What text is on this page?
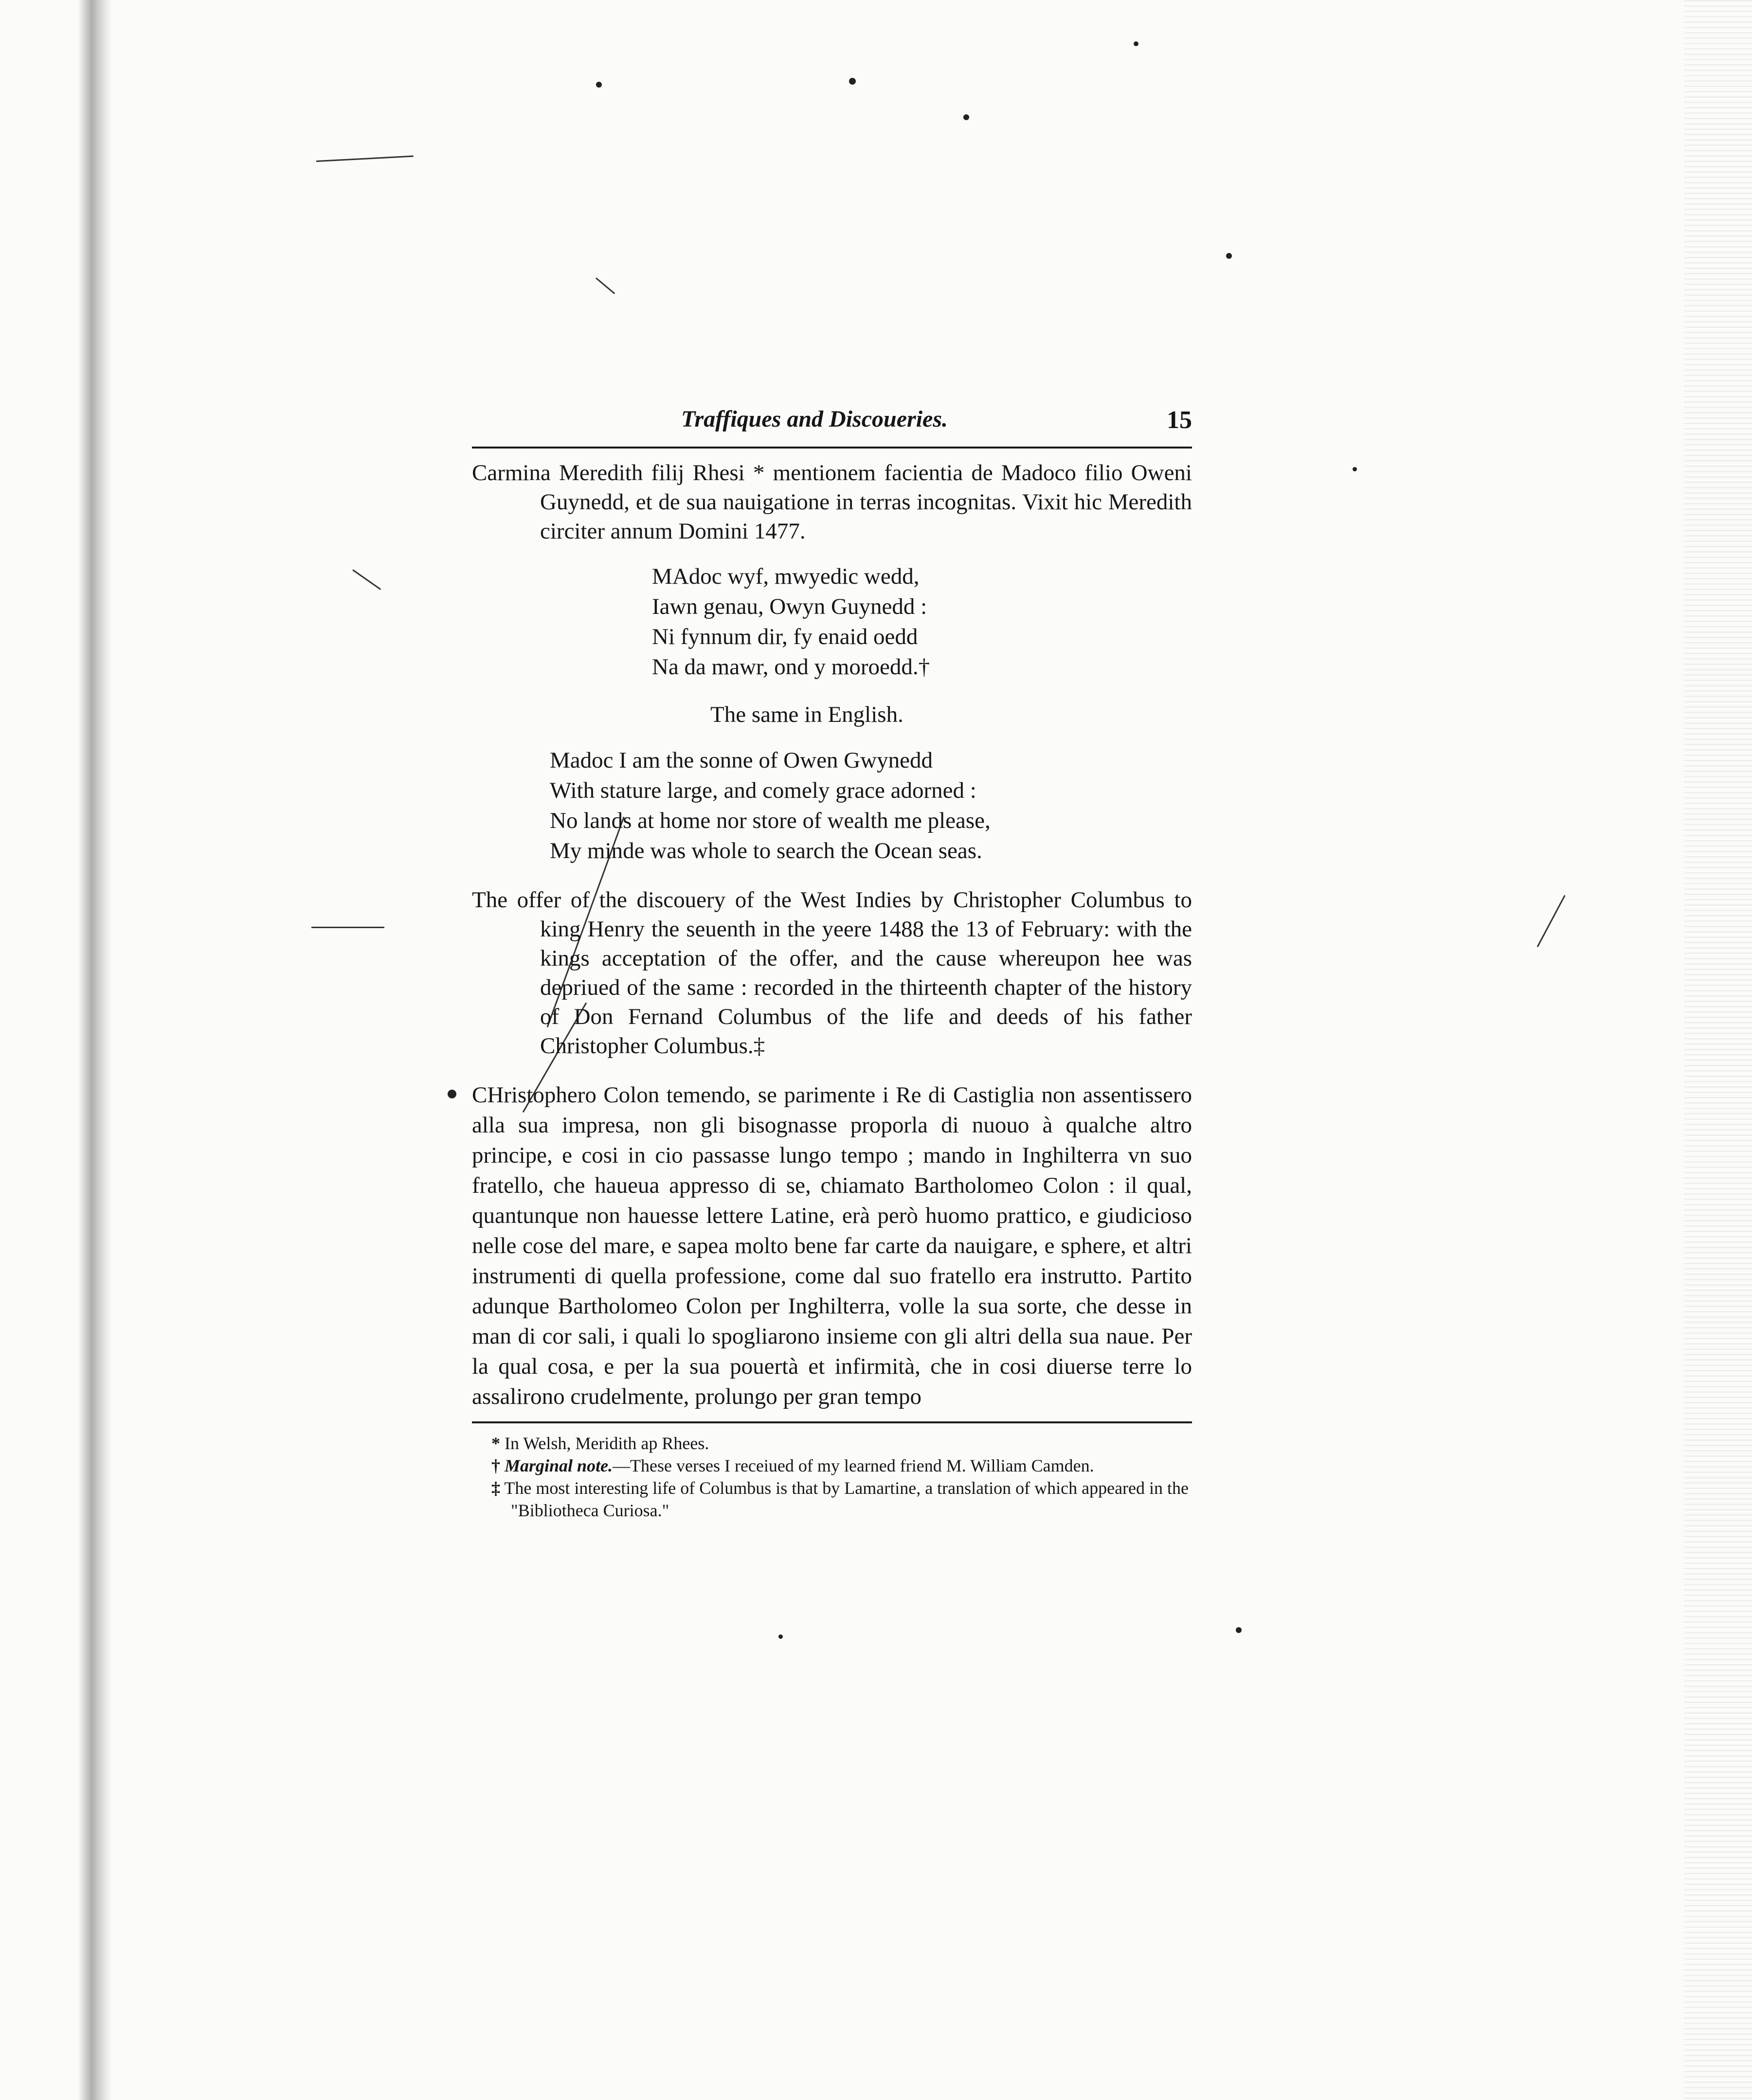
Traffiques and Discoueries.	15

Carmina Meredith filij Rhesi * mentionem facientia de Madoco filio Oweni Guynedd, et de sua nauigatione in terras incognitas. Vixit hic Meredith circiter annum Domini 1477.

MAdoc wyf, mwyedic wedd,
Iawn genau, Owyn Guynedd :
Ni fynnum dir, fy enaid oedd
Na da mawr, ond y moroedd.†

The same in English.

Madoc I am the sonne of Owen Gwynedd
With stature large, and comely grace adorned :
No lands at home nor store of wealth me please,
My minde was whole to search the Ocean seas.

The offer of the discouery of the West Indies by Christopher Columbus to king Henry the seuenth in the yeere 1488 the 13 of February: with the kings acceptation of the offer, and the cause whereupon hee was depriued of the same : recorded in the thirteenth chapter of the history of Don Fernand Columbus of the life and deeds of his father Christopher Columbus.‡

CHristophero Colon temendo, se parimente i Re di Castiglia non assentissero alla sua impresa, non gli bisognasse proporla di nuouo à qualche altro principe, e cosi in cio passasse lungo tempo ; mando in Inghilterra vn suo fratello, che haueua appresso di se, chiamato Bartholomeo Colon : il qual, quantunque non hauesse lettere Latine, erà però huomo prattico, e giudicioso nelle cose del mare, e sapea molto bene far carte da nauigare, e sphere, et altri instrumenti di quella professione, come dal suo fratello era instrutto. Partito adunque Bartholomeo Colon per Inghilterra, volle la sua sorte, che desse in man di cor sali, i quali lo spogliarono insieme con gli altri della sua naue. Per la qual cosa, e per la sua pouertà et infirmità, che in cosi diuerse terre lo assalirono crudelmente, prolungo per gran tempo

* In Welsh, Meridith ap Rhees.

† Marginal note.—These verses I receiued of my learned friend M. William Camden.

‡ The most interesting life of Columbus is that by Lamartine, a translation of which appeared in the "Bibliotheca Curiosa."
